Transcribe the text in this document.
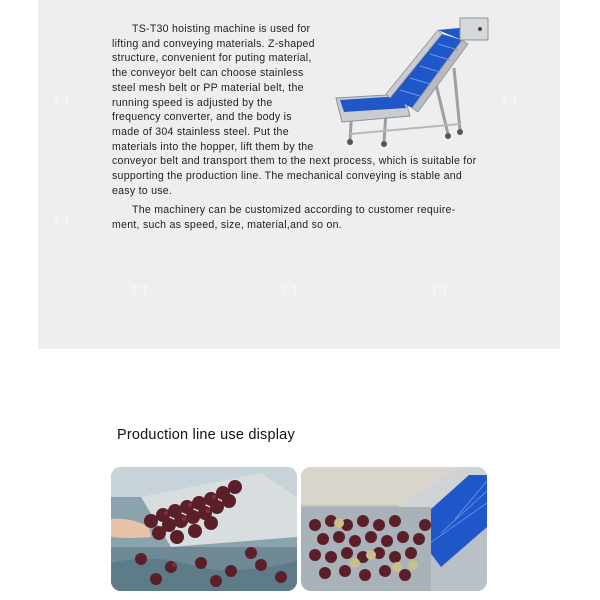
TT	TT
TT
TT	TT	TT

TS-T30 hoisting machine is used for lifting and conveying materials. Z-shaped structure, convenient for puting material, the conveyor belt can choose stainless steel mesh belt or PP material belt, the running speed is adjusted by the frequency converter, and the body is made of 304 stainless steel. Put the materials into the hopper, lift them by the conveyor belt and transport them to the next process, which is suitable for supporting the production line. The mechanical conveying is stable and easy to use.

The machinery can be customized according to customer require-ment, such as speed, size, material,and so on.

Production line use display
